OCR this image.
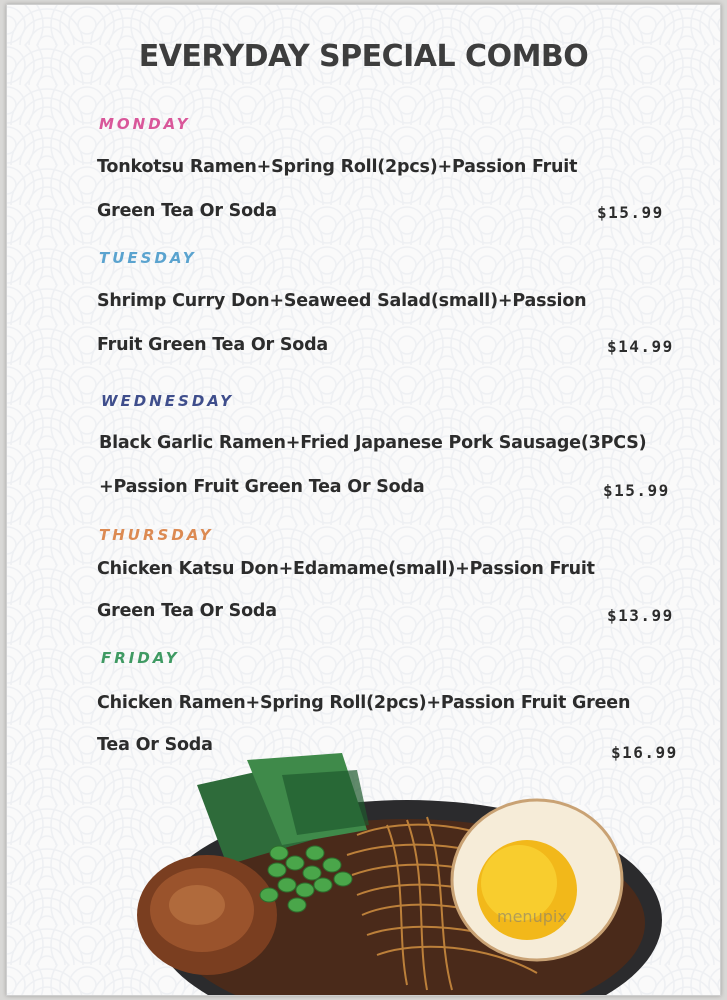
EVERYDAY SPECIAL COMBO
MONDAY
Tonkotsu Ramen+Spring Roll(2pcs)+Passion Fruit
Green Tea Or Soda	$15.99
TUESDAY
Shrimp Curry Don+Seaweed Salad(small)+Passion
Fruit Green Tea Or Soda	$14.99
WEDNESDAY
Black Garlic Ramen+Fried Japanese Pork Sausage(3PCS)
+Passion Fruit Green Tea Or Soda	$15.99
THURSDAY
Chicken Katsu Don+Edamame(small)+Passion Fruit
Green Tea Or Soda	$13.99
FRIDAY
Chicken Ramen+Spring Roll(2pcs)+Passion Fruit Green
Tea Or Soda	$16.99
menupix
